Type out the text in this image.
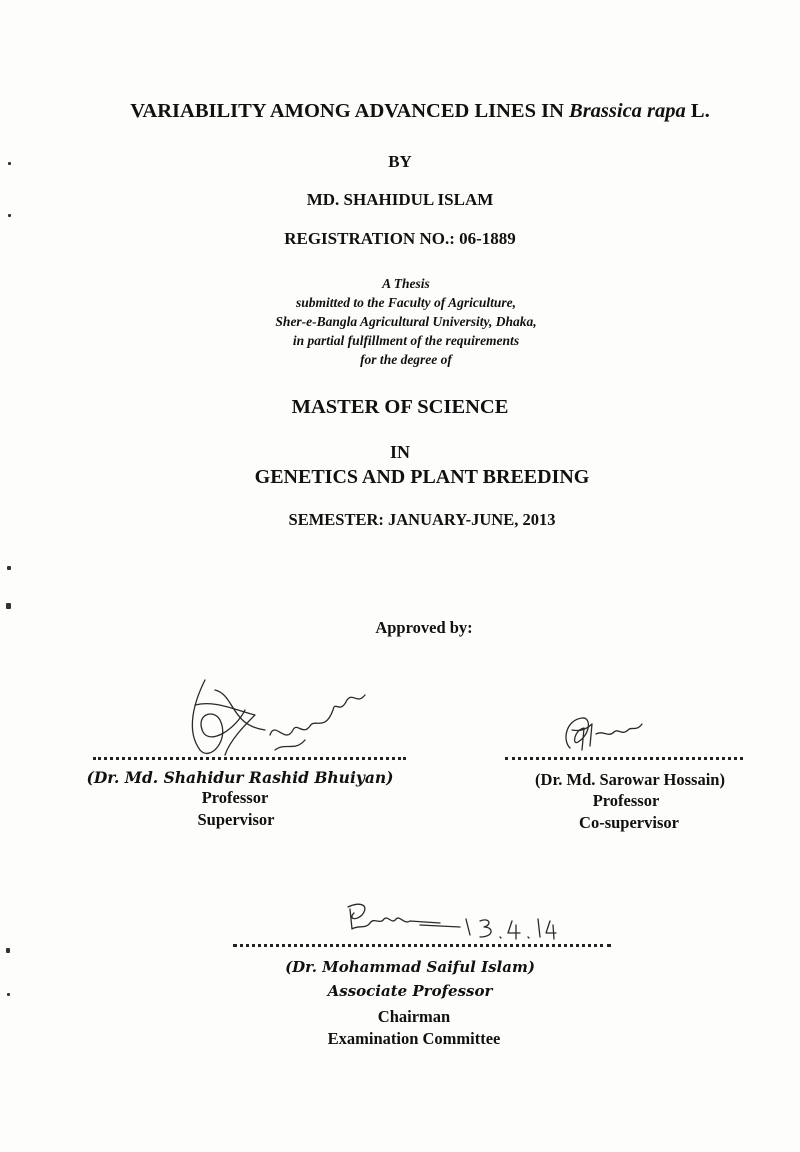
VARIABILITY AMONG ADVANCED LINES IN Brassica rapa L.
BY
MD. SHAHIDUL ISLAM
REGISTRATION NO.: 06-1889
A Thesis
submitted to the Faculty of Agriculture,
Sher-e-Bangla Agricultural University, Dhaka,
in partial fulfillment of the requirements
for the degree of
MASTER OF SCIENCE
IN
GENETICS AND PLANT BREEDING
SEMESTER: JANUARY-JUNE, 2013
Approved by:
(Dr. Md. Shahidur Rashid Bhuiyan)
Professor
Supervisor
(Dr. Md. Sarowar Hossain)
Professor
Co-supervisor
(Dr. Mohammad Saiful Islam)
Associate Professor
Chairman
Examination Committee
